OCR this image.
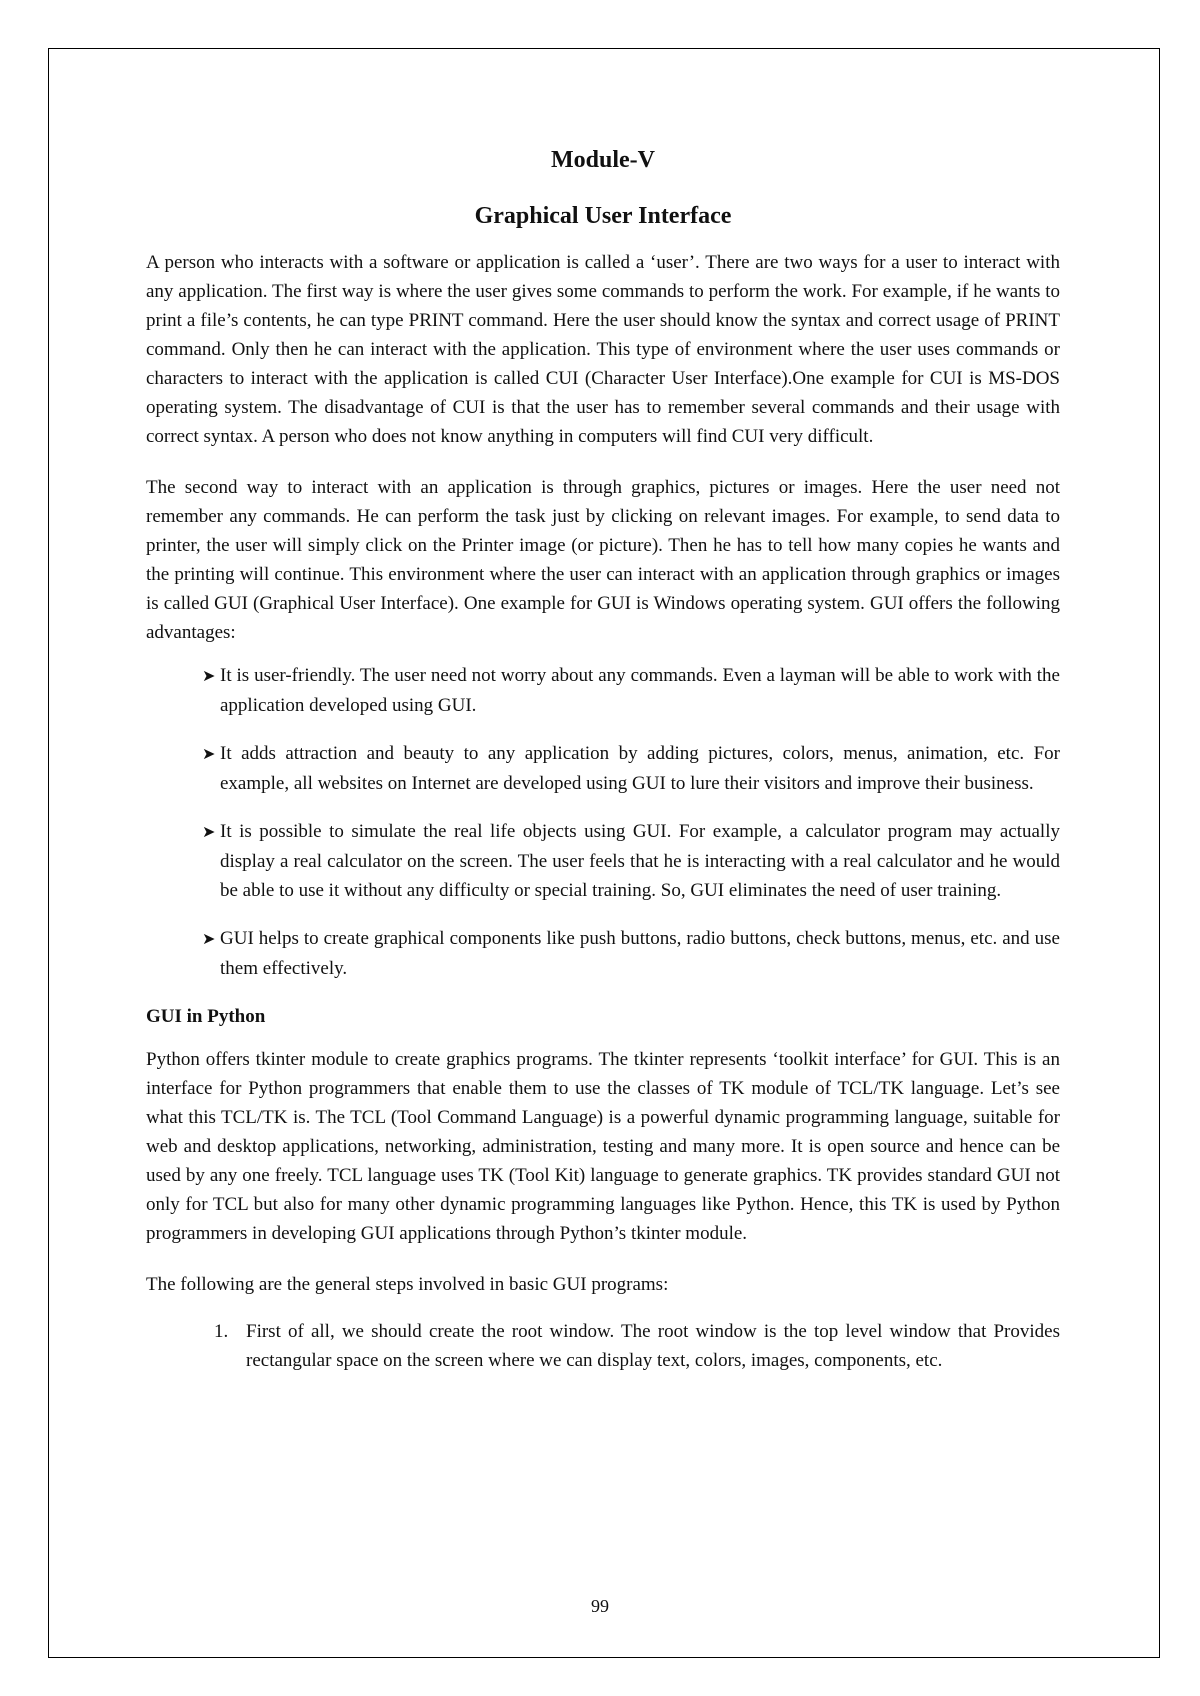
Module-V
Graphical User Interface

A person who interacts with a software or application is called a ‘user’. There are two ways for a user to interact with any application. The first way is where the user gives some commands to perform the work. For example, if he wants to print a file’s contents, he can type PRINT command. Here the user should know the syntax and correct usage of PRINT command. Only then he can interact with the application. This type of environment where the user uses commands or characters to interact with the application is called CUI (Character User Interface).One example for CUI is MS-DOS operating system. The disadvantage of CUI is that the user has to remember several commands and their usage with correct syntax. A person who does not know anything in computers will find CUI very difficult.

The second way to interact with an application is through graphics, pictures or images. Here the user need not remember any commands. He can perform the task just by clicking on relevant images. For example, to send data to printer, the user will simply click on the Printer image (or picture). Then he has to tell how many copies he wants and the printing will continue. This environment where the user can interact with an application through graphics or images is called GUI (Graphical User Interface). One example for GUI is Windows operating system. GUI offers the following advantages:

➤ It is user-friendly. The user need not worry about any commands. Even a layman will be able to work with the application developed using GUI.
➤ It adds attraction and beauty to any application by adding pictures, colors, menus, animation, etc. For example, all websites on Internet are developed using GUI to lure their visitors and improve their business.
➤ It is possible to simulate the real life objects using GUI. For example, a calculator program may actually display a real calculator on the screen. The user feels that he is interacting with a real calculator and he would be able to use it without any difficulty or special training. So, GUI eliminates the need of user training.
➤ GUI helps to create graphical components like push buttons, radio buttons, check buttons, menus, etc. and use them effectively.
GUI in Python

Python offers tkinter module to create graphics programs. The tkinter represents ‘toolkit interface’ for GUI. This is an interface for Python programmers that enable them to use the classes of TK module of TCL/TK language. Let’s see what this TCL/TK is. The TCL (Tool Command Language) is a powerful dynamic programming language, suitable for web and desktop applications, networking, administration, testing and many more. It is open source and hence can be used by any one freely. TCL language uses TK (Tool Kit) language to generate graphics. TK provides standard GUI not only for TCL but also for many other dynamic programming languages like Python. Hence, this TK is used by Python programmers in developing GUI applications through Python’s tkinter module.

The following are the general steps involved in basic GUI programs:

1. First of all, we should create the root window. The root window is the top level window that Provides rectangular space on the screen where we can display text, colors, images, components, etc.
99
